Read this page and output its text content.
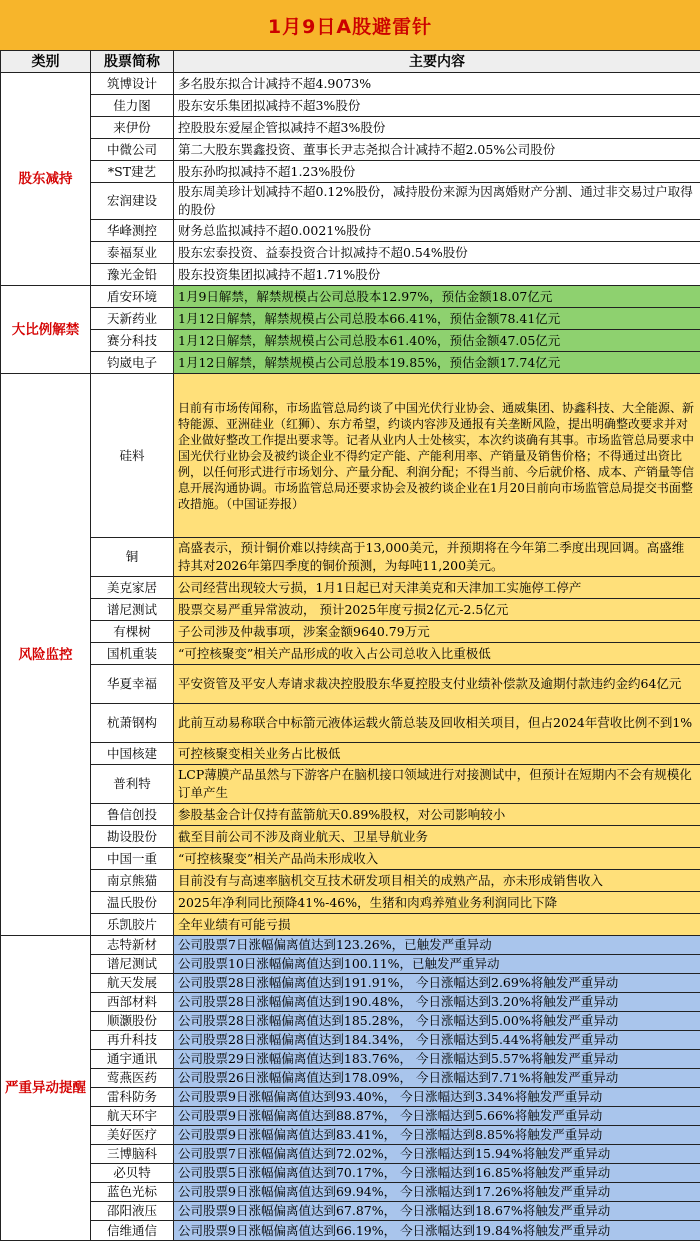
1月9日A股避雷针
类别	股票简称	主要内容
股东减持	筑博设计	多名股东拟合计减持不超4.9073%
	佳力图	股东安乐集团拟减持不超3%股份
	来伊份	控股股东爱屋企管拟减持不超3%股份
	中微公司	第二大股东巽鑫投资、董事长尹志尧拟合计减持不超2.05%公司股份
	*ST建艺	股东孙昀拟减持不超1.23%股份
	宏润建设	股东周美珍计划减持不超0.12%股份，减持股份来源为因离婚财产分割、通过非交易过户取得的股份
	华峰测控	财务总监拟减持不超0.0021%股份
	泰福泵业	股东宏泰投资、益泰投资合计拟减持不超0.54%股份
	豫光金铅	股东投资集团拟减持不超1.71%股份
大比例解禁	盾安环境	1月9日解禁，解禁规模占公司总股本12.97%，预估金额18.07亿元
	天新药业	1月12日解禁，解禁规模占公司总股本66.41%，预估金额78.41亿元
	赛分科技	1月12日解禁，解禁规模占公司总股本61.40%，预估金额47.05亿元
	钧崴电子	1月12日解禁，解禁规模占公司总股本19.85%，预估金额17.74亿元
风险监控	硅料	日前有市场传闻称，市场监管总局约谈了中国光伏行业协会、通威集团、协鑫科技、大全能源、新特能源、亚洲硅业（红狮）、东方希望，约谈内容涉及通报有关垄断风险，提出明确整改要求并对企业做好整改工作提出要求等。记者从业内人士处核实，本次约谈确有其事。市场监管总局要求中国光伏行业协会及被约谈企业不得约定产能、产能利用率、产销量及销售价格；不得通过出资比例，以任何形式进行市场划分、产量分配、利润分配；不得当前、今后就价格、成本、产销量等信息开展沟通协调。市场监管总局还要求协会及被约谈企业在1月20日前向市场监管总局提交书面整改措施。（中国证券报）
	铜	高盛表示，预计铜价难以持续高于13,000美元，并预期将在今年第二季度出现回调。高盛维持其对2026年第四季度的铜价预测，为每吨11,200美元。
	美克家居	公司经营出现较大亏损，1月1日起已对天津美克和天津加工实施停工停产
	谱尼测试	股票交易严重异常波动， 预计2025年度亏损2亿元-2.5亿元
	有棵树	子公司涉及仲裁事项，涉案金额9640.79万元
	国机重装	“可控核聚变”相关产品形成的收入占公司总收入比重极低
	华夏幸福	平安资管及平安人寿请求裁决控股股东华夏控股支付业绩补偿款及逾期付款违约金约64亿元
	杭萧钢构	此前互动易称联合中标箭元液体运载火箭总装及回收相关项目，但占2024年营收比例不到1%
	中国核建	可控核聚变相关业务占比极低
	普利特	LCP薄膜产品虽然与下游客户在脑机接口领域进行对接测试中，但预计在短期内不会有规模化订单产生
	鲁信创投	参股基金合计仅持有蓝箭航天0.89%股权，对公司影响较小
	勘设股份	截至目前公司不涉及商业航天、卫星导航业务
	中国一重	“可控核聚变”相关产品尚未形成收入
	南京熊猫	目前没有与高速率脑机交互技术研发项目相关的成熟产品，亦未形成销售收入
	温氏股份	2025年净利同比预降41%-46%，生猪和肉鸡养殖业务利润同比下降
	乐凯胶片	全年业绩有可能亏损
严重异动提醒	志特新材	公司股票7日涨幅偏离值达到123.26%，已触发严重异动
	谱尼测试	公司股票10日涨幅偏离值达到100.11%，已触发严重异动
	航天发展	公司股票28日涨幅偏离值达到191.91%， 今日涨幅达到2.69%将触发严重异动
	西部材料	公司股票28日涨幅偏离值达到190.48%， 今日涨幅达到3.20%将触发严重异动
	顺灏股份	公司股票28日涨幅偏离值达到185.28%， 今日涨幅达到5.00%将触发严重异动
	再升科技	公司股票28日涨幅偏离值达到184.34%， 今日涨幅达到5.44%将触发严重异动
	通宇通讯	公司股票29日涨幅偏离值达到183.76%， 今日涨幅达到5.57%将触发严重异动
	莺燕医药	公司股票26日涨幅偏离值达到178.09%， 今日涨幅达到7.71%将触发严重异动
	雷科防务	公司股票9日涨幅偏离值达到93.40%， 今日涨幅达到3.34%将触发严重异动
	航天环宇	公司股票9日涨幅偏离值达到88.87%， 今日涨幅达到5.66%将触发严重异动
	美好医疗	公司股票9日涨幅偏离值达到83.41%， 今日涨幅达到8.85%将触发严重异动
	三博脑科	公司股票7日涨幅偏离值达到72.02%， 今日涨幅达到15.94%将触发严重异动
	必贝特	公司股票5日涨幅偏离值达到70.17%， 今日涨幅达到16.85%将触发严重异动
	蓝色光标	公司股票9日涨幅偏离值达到69.94%， 今日涨幅达到17.26%将触发严重异动
	邵阳液压	公司股票9日涨幅偏离值达到67.87%， 今日涨幅达到18.67%将触发严重异动
	信维通信	公司股票9日涨幅偏离值达到66.19%， 今日涨幅达到19.84%将触发严重异动
